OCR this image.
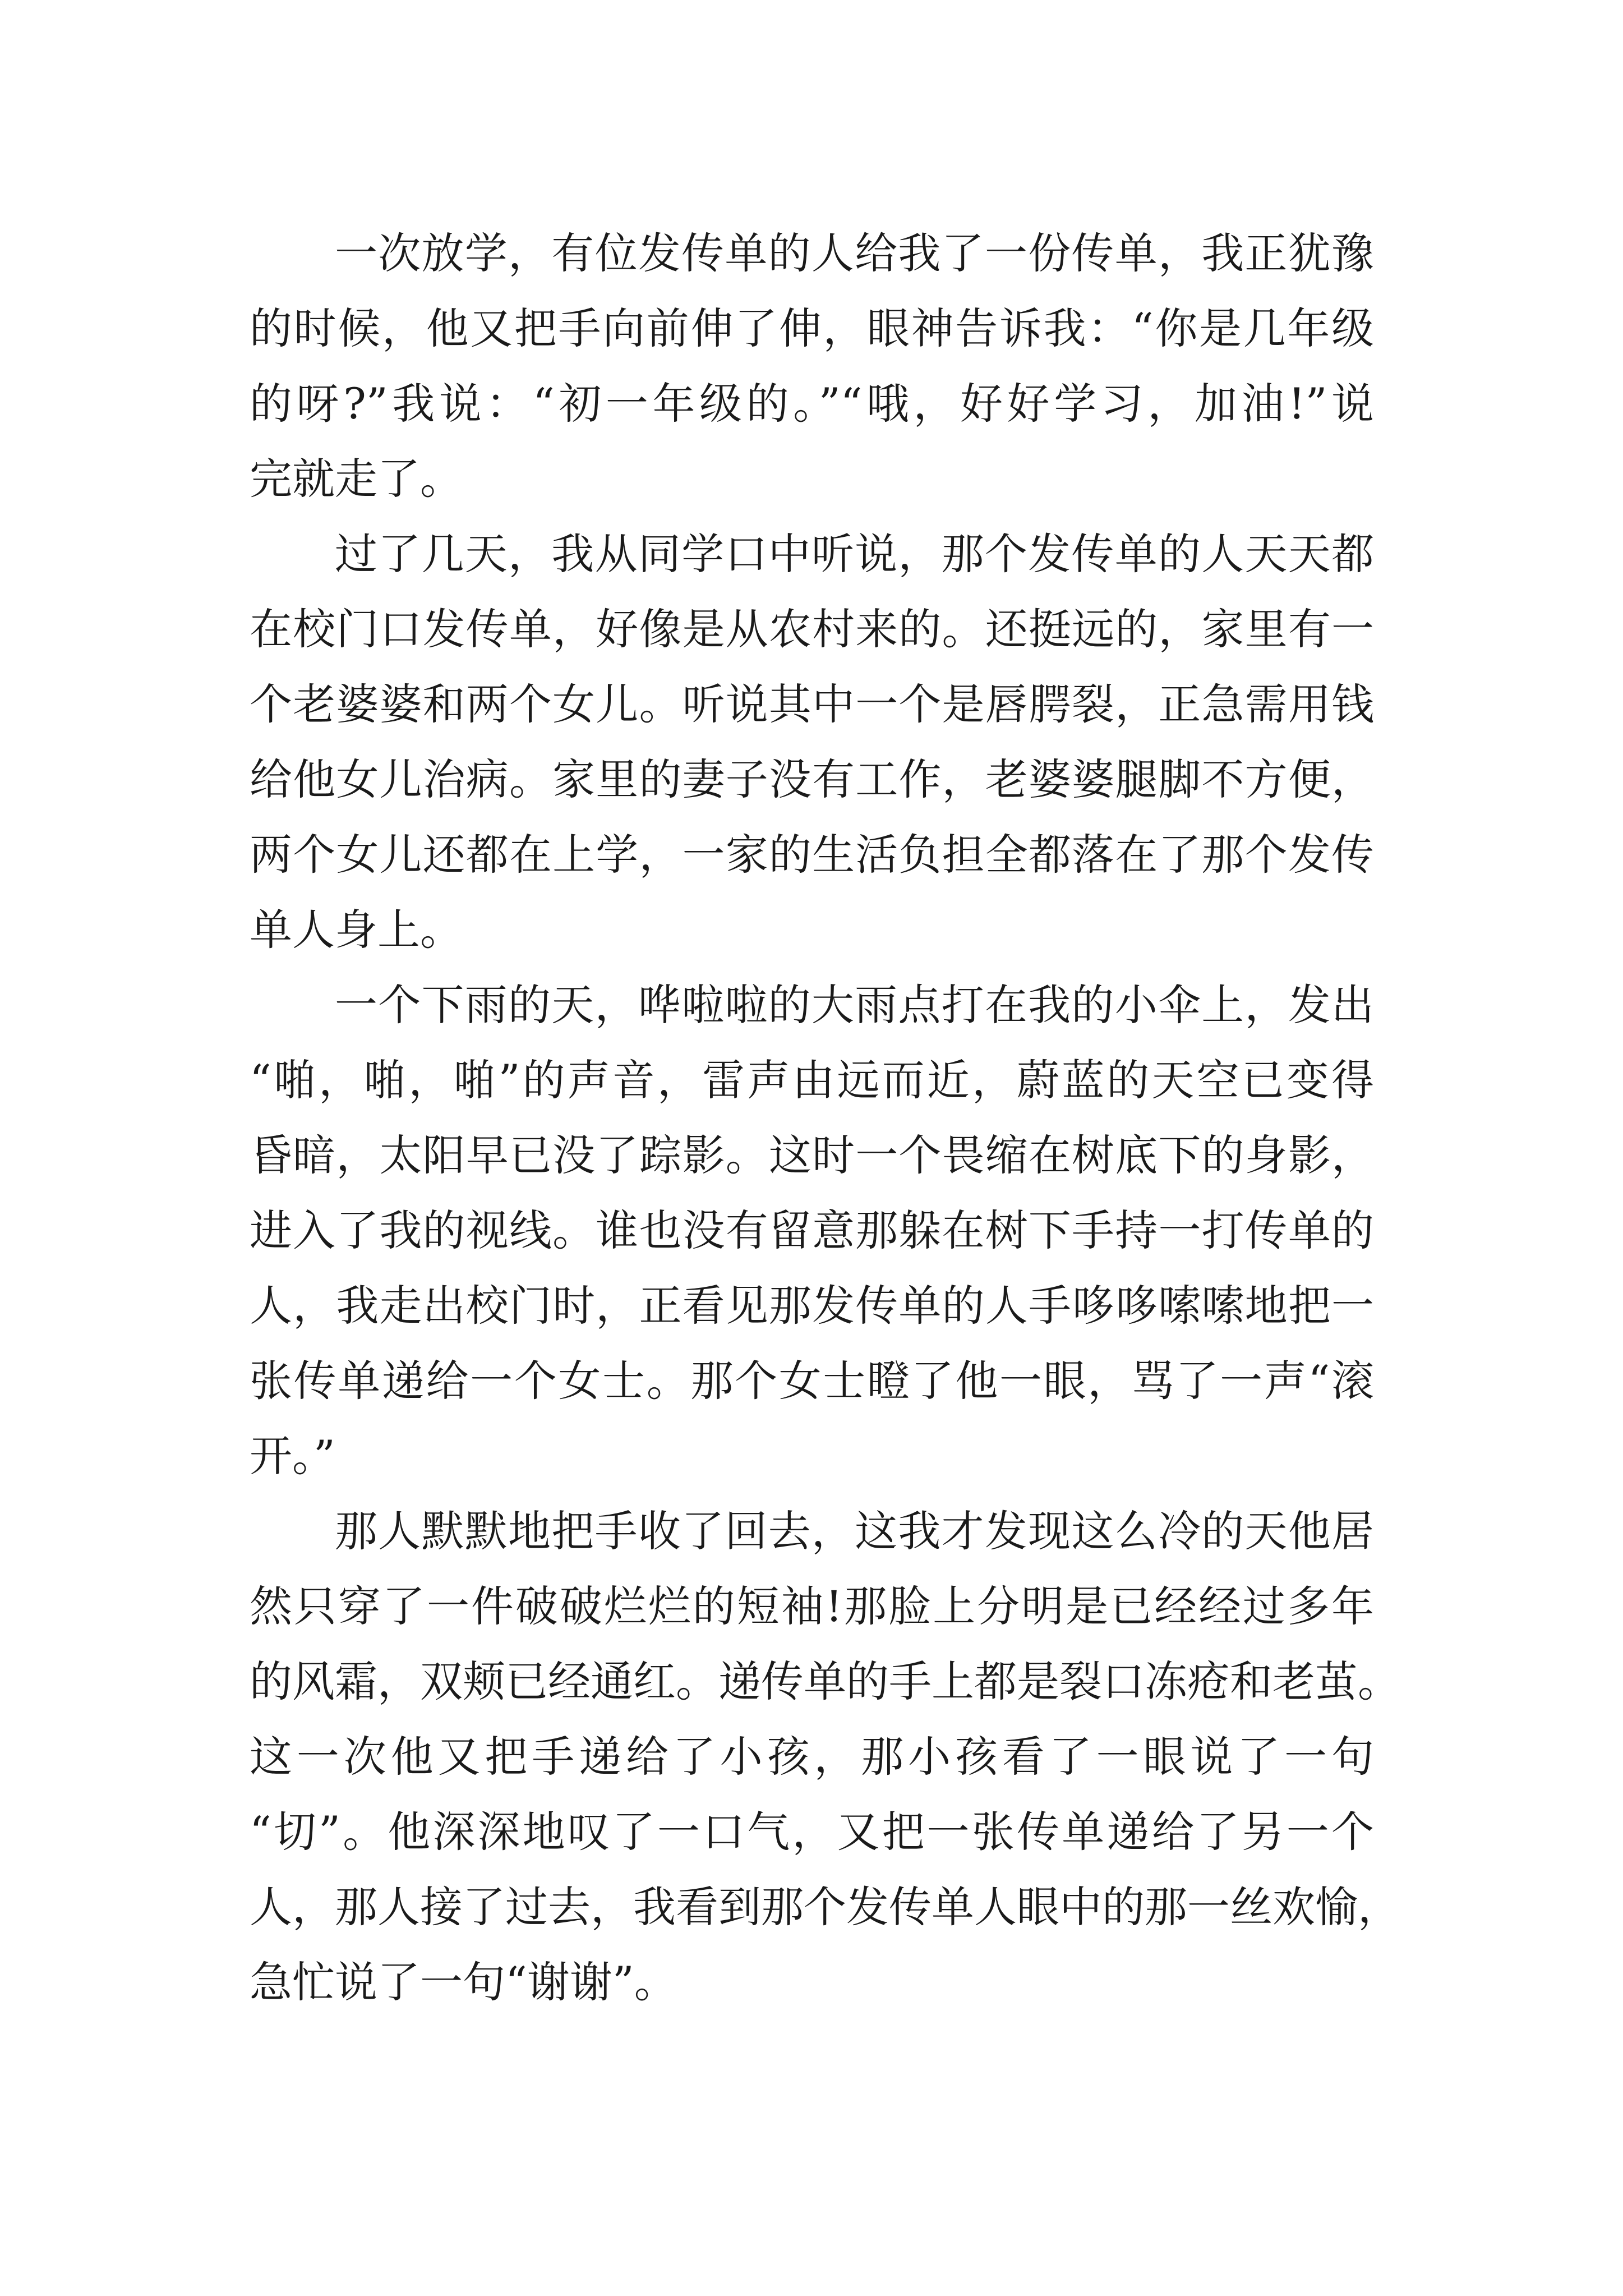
一次放学，有位发传单的人给我了一份传单，我正犹豫
的时候，他又把手向前伸了伸，眼神告诉我：“你是几年级
的呀?”我说：“初一年级的。”“哦，好好学习，加油!”说
完就走了。
过了几天，我从同学口中听说，那个发传单的人天天都
在校门口发传单，好像是从农村来的。还挺远的，家里有一
个老婆婆和两个女儿。听说其中一个是唇腭裂，正急需用钱
给他女儿治病。家里的妻子没有工作，老婆婆腿脚不方便，
两个女儿还都在上学，一家的生活负担全都落在了那个发传
单人身上。
一个下雨的天，哗啦啦的大雨点打在我的小伞上，发出
“啪，啪，啪”的声音，雷声由远而近，蔚蓝的天空已变得
昏暗，太阳早已没了踪影。这时一个畏缩在树底下的身影，
进入了我的视线。谁也没有留意那躲在树下手持一打传单的
人，我走出校门时，正看见那发传单的人手哆哆嗦嗦地把一
张传单递给一个女士。那个女士瞪了他一眼，骂了一声“滚
开。”
那人默默地把手收了回去，这我才发现这么冷的天他居
然只穿了一件破破烂烂的短袖!那脸上分明是已经经过多年
的风霜，双颊已经通红。递传单的手上都是裂口冻疮和老茧。
这一次他又把手递给了小孩，那小孩看了一眼说了一句
“切”。他深深地叹了一口气，又把一张传单递给了另一个
人，那人接了过去，我看到那个发传单人眼中的那一丝欢愉，
急忙说了一句“谢谢”。
